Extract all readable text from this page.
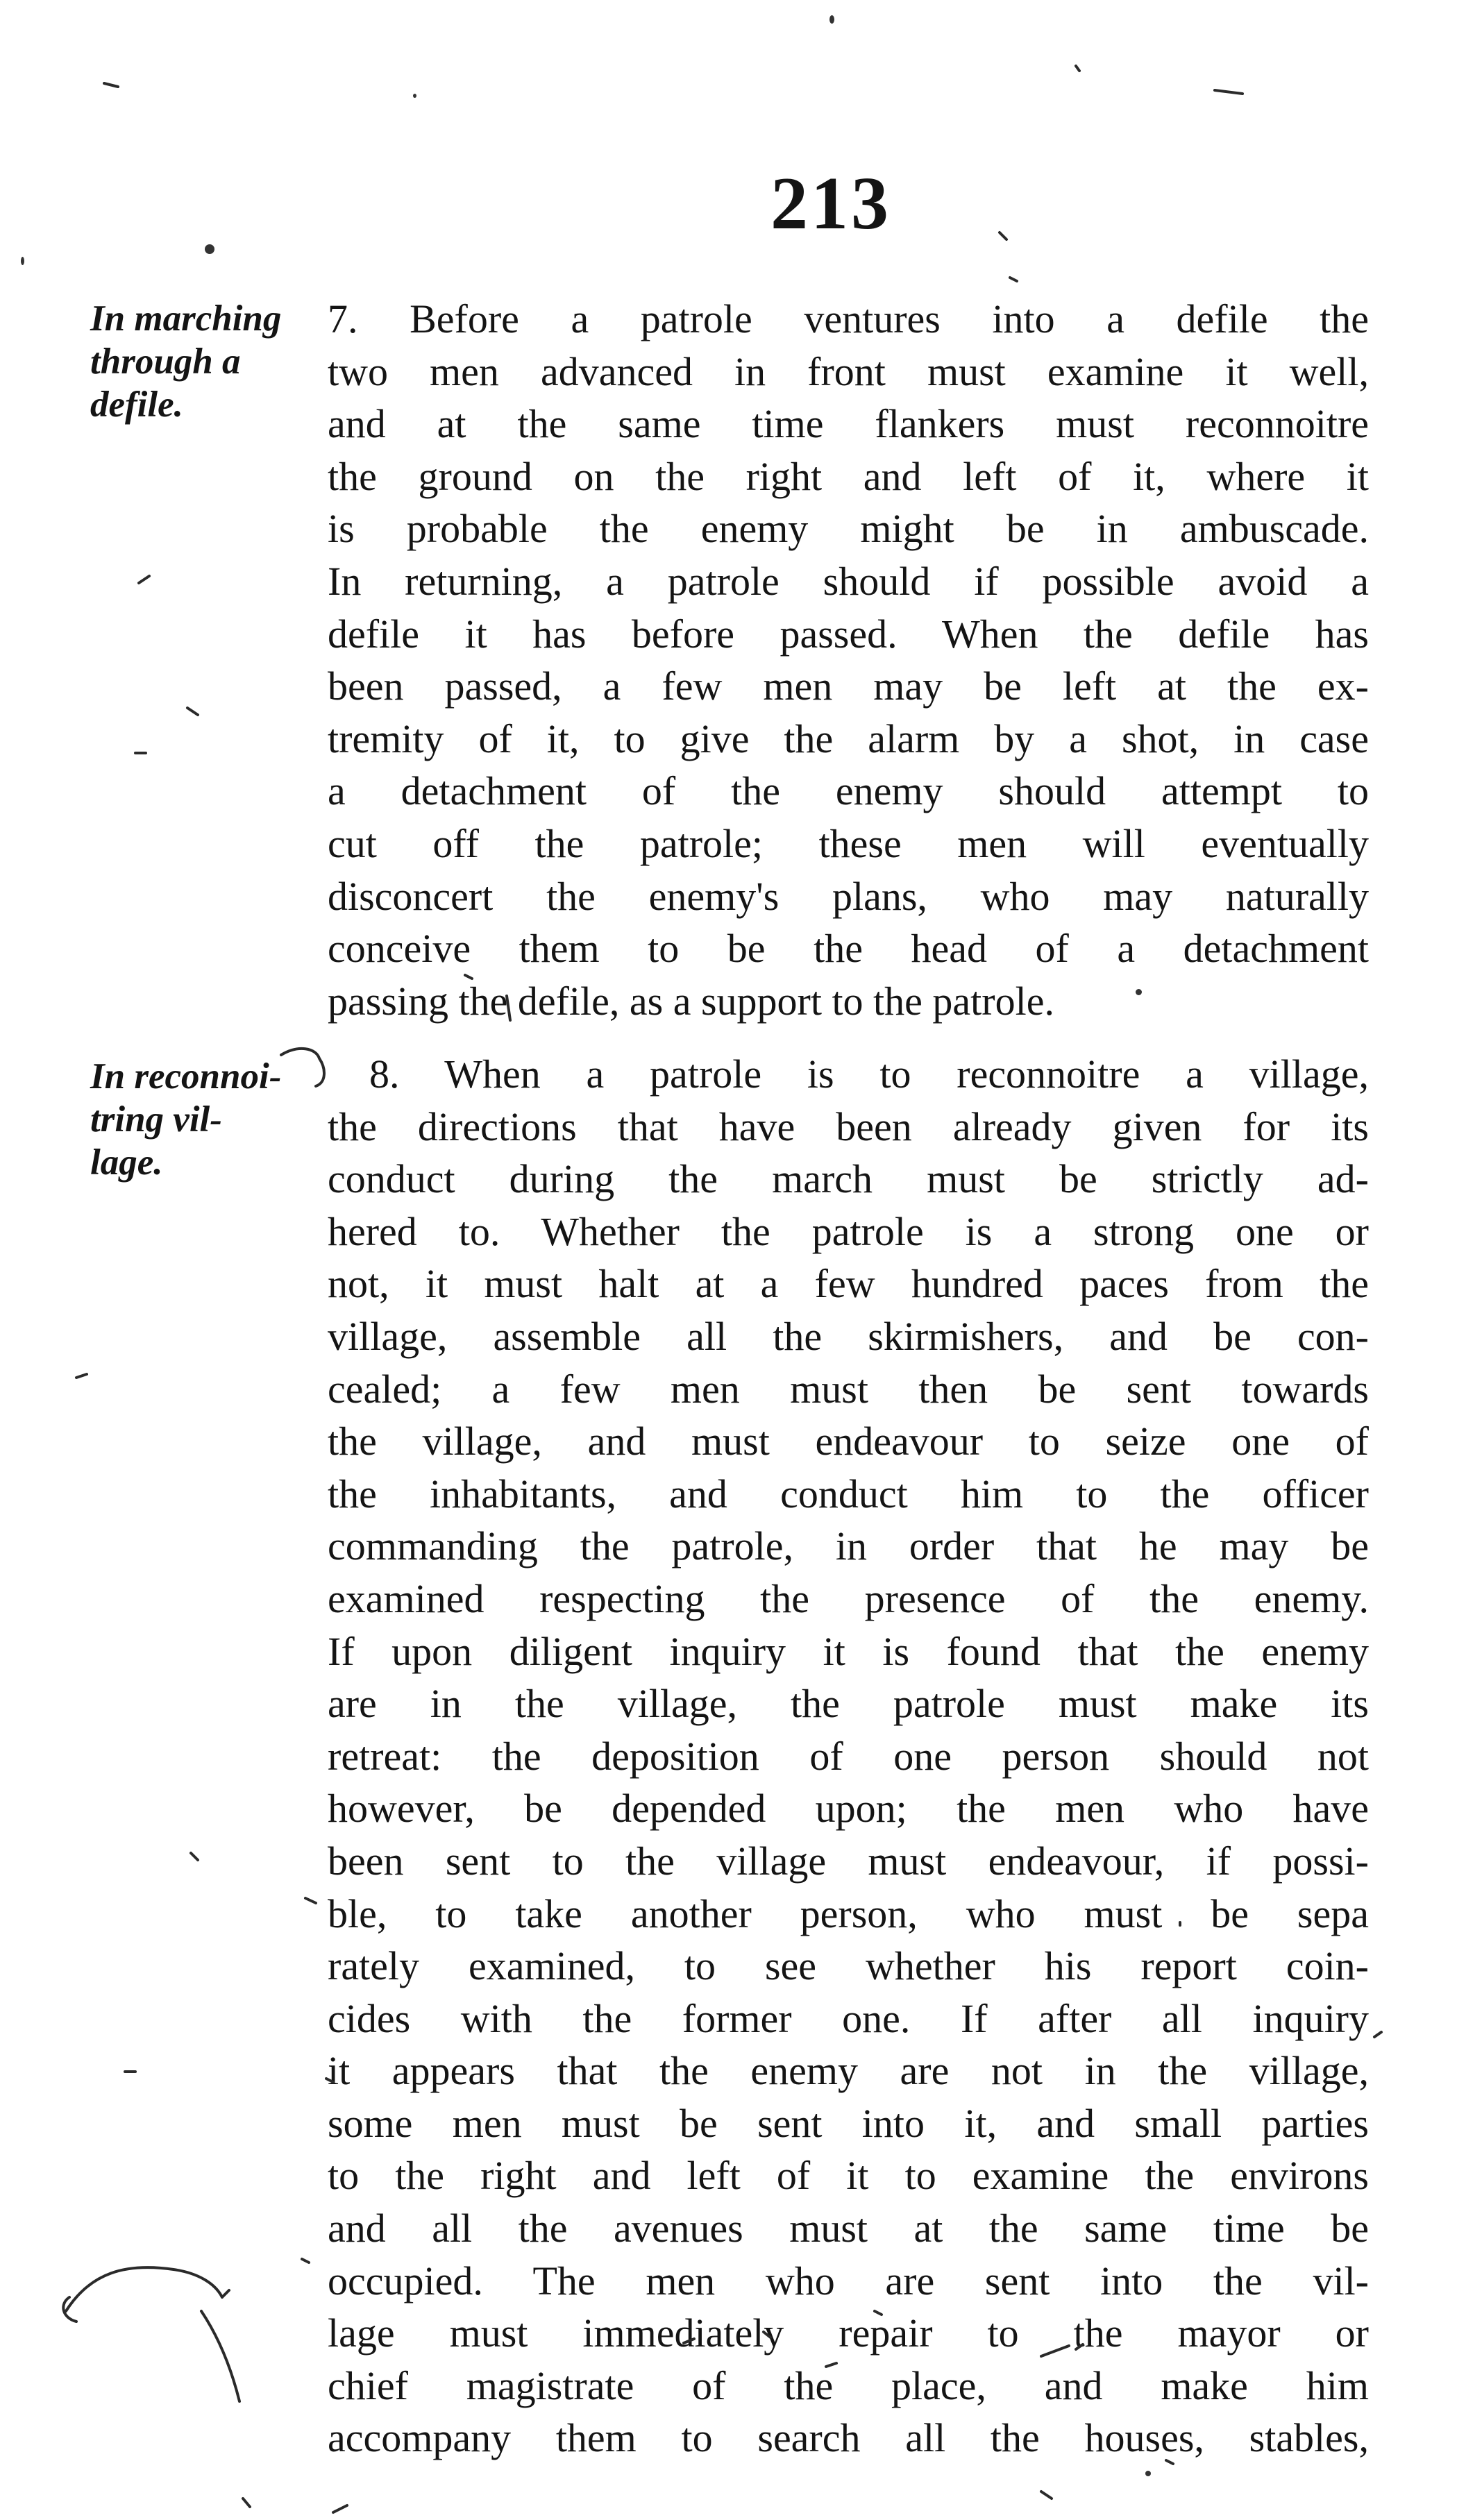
213
In marching
through a
defile.
In reconnoi-
tring vil-
lage.
7. Before a patrole ventures into a defile the
two men advanced in front must examine it well,
and at the same time flankers must reconnoitre
the ground on the right and left of it, where it
is probable the enemy might be in ambuscade.
In returning, a patrole should if possible avoid a
defile it has before passed. When the defile has
been passed, a few men may be left at the ex-
tremity of it, to give the alarm by a shot, in case
a detachment of the enemy should attempt to
cut off the patrole; these men will eventually
disconcert the enemy's plans, who may naturally
conceive them to be the head of a detachment
passing the defile, as a support to the patrole.
8. When a patrole is to reconnoitre a village,
the directions that have been already given for its
conduct during the march must be strictly ad-
hered to. Whether the patrole is a strong one or
not, it must halt at a few hundred paces from the
village, assemble all the skirmishers, and be con-
cealed; a few men must then be sent towards
the village, and must endeavour to seize one of
the inhabitants, and conduct him to the officer
commanding the patrole, in order that he may be
examined respecting the presence of the enemy.
If upon diligent inquiry it is found that the enemy
are in the village, the patrole must make its
retreat: the deposition of one person should not
however, be depended upon; the men who have
been sent to the village must endeavour, if possi-
ble, to take another person, who must be sepa
rately examined, to see whether his report coin-
cides with the former one. If after all inquiry
it appears that the enemy are not in the village,
some men must be sent into it, and small parties
to the right and left of it to examine the environs
and all the avenues must at the same time be
occupied. The men who are sent into the vil-
lage must immediately repair to the mayor or
chief magistrate of the place, and make him
accompany them to search all the houses, stables,
